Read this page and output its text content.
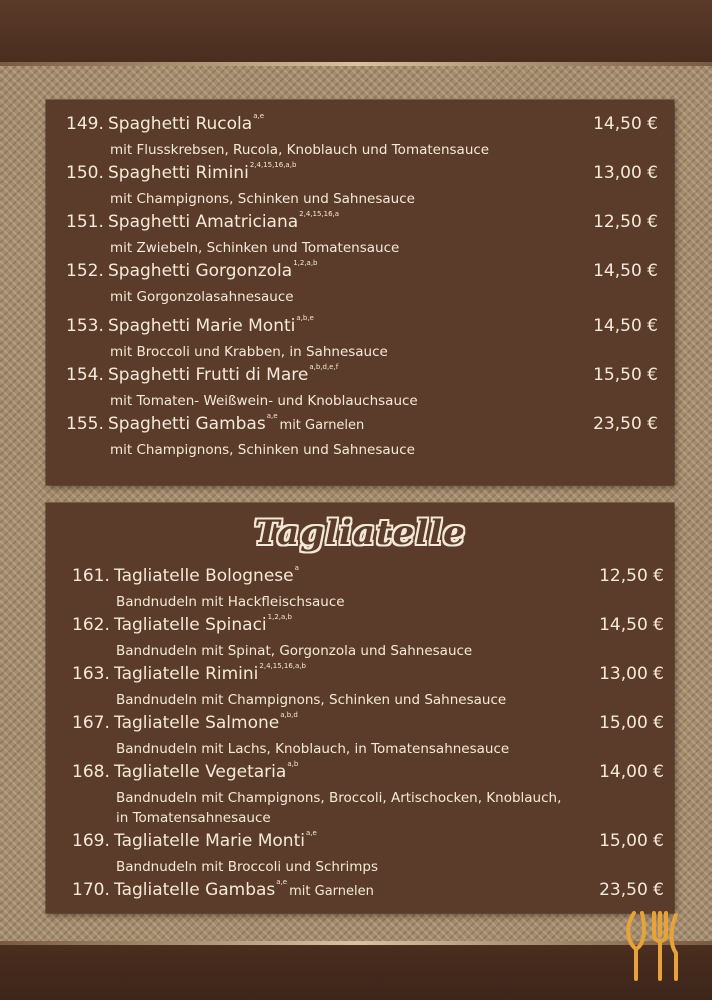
149. Spaghetti Rucola$^{a,e}$	14,50 €
mit Flusskrebsen, Rucola, Knoblauch und Tomatensauce
150. Spaghetti Rimini$^{2,4,15,16,a,b}$	13,00 €
mit Champignons, Schinken und Sahnesauce
151. Spaghetti Amatriciana$^{2,4,15,16,a}$	12,50 €
mit Zwiebeln, Schinken und Tomatensauce
152. Spaghetti Gorgonzola$^{1,2,a,b}$	14,50 €
mit Gorgonzolasahnesauce
153. Spaghetti Marie Monti$^{a,b,e}$	14,50 €
mit Broccoli und Krabben, in Sahnesauce
154. Spaghetti Frutti di Mare$^{a,b,d,e,f}$	15,50 €
mit Tomaten- Weißwein- und Knoblauchsauce
155. Spaghetti Gambas$^{a,e}$mit Garnelen	23,50 €
mit Champignons, Schinken und Sahnesauce
Tagliatelle
161. Tagliatelle Bolognese$^a$	12,50 €
Bandnudeln mit Hackfleischsauce
162. Tagliatelle Spinaci$^{1,2,a,b}$	14,50 €
Bandnudeln mit Spinat, Gorgonzola und Sahnesauce
163. Tagliatelle Rimini$^{2,4,15,16,a,b}$	13,00 €
Bandnudeln mit Champignons, Schinken und Sahnesauce
167. Tagliatelle Salmone$^{a,b,d}$	15,00 €
Bandnudeln mit Lachs, Knoblauch, in Tomatensahnesauce
168. Tagliatelle Vegetaria$^{a,b}$	14,00 €
Bandnudeln mit Champignons, Broccoli, Artischocken, Knoblauch,
in Tomatensahnesauce
169. Tagliatelle Marie Monti$^{a,e}$	15,00 €
Bandnudeln mit Broccoli und Schrimps
170. Tagliatelle Gambas$^{a,e}$mit Garnelen	23,50 €
